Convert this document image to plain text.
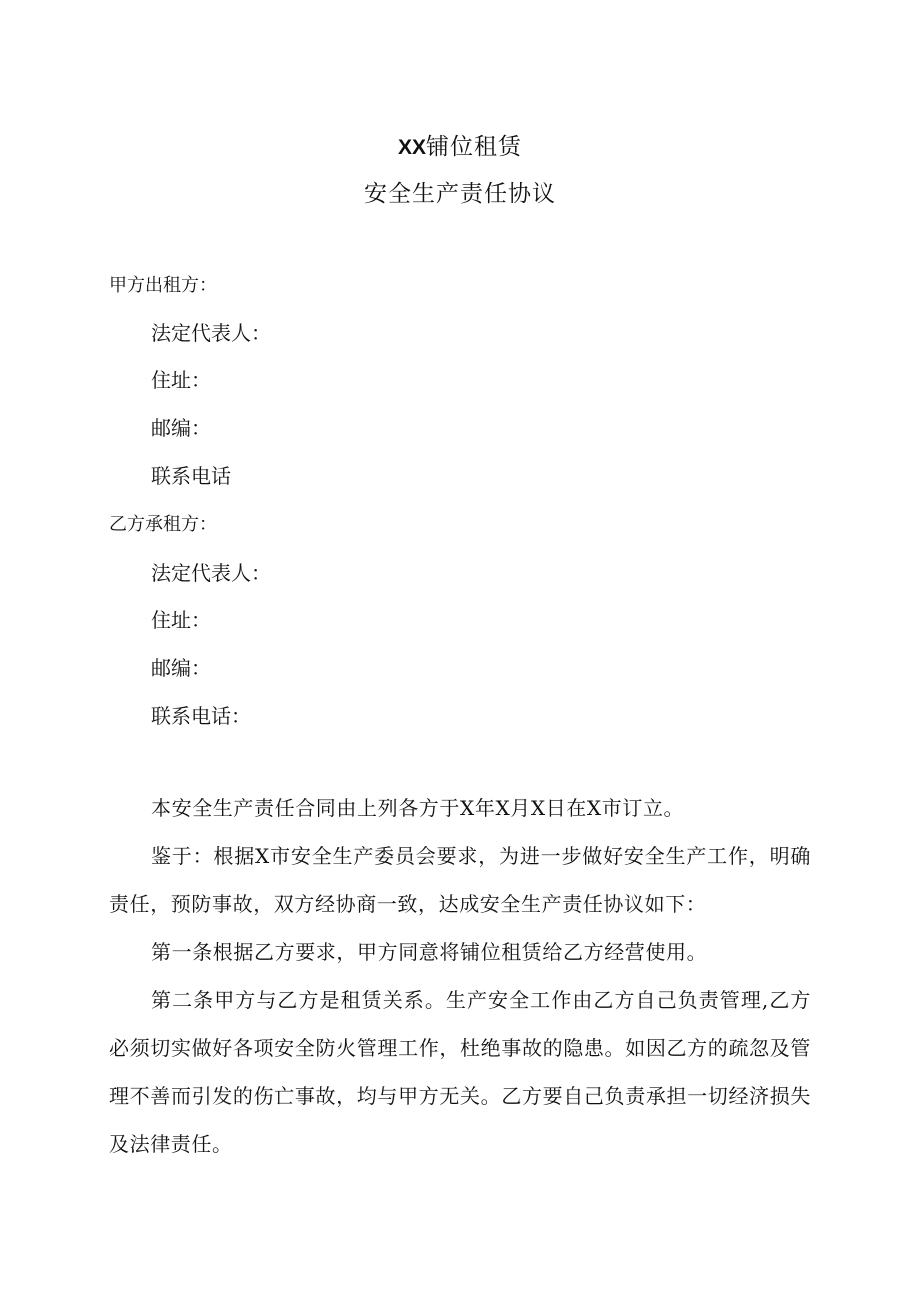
XX铺位租赁
安全生产责任协议
甲方出租方：
法定代表人：
住址：
邮编：
联系电话
乙方承租方：
法定代表人：
住址：
邮编：
联系电话：
本安全生产责任合同由上列各方于X年X月X日在X市订立。
鉴于：根据X市安全生产委员会要求，为进一步做好安全生产工作，明确责任，预防事故，双方经协商一致，达成安全生产责任协议如下：
第一条根据乙方要求，甲方同意将铺位租赁给乙方经营使用。
第二条甲方与乙方是租赁关系。生产安全工作由乙方自己负责管理,乙方必须切实做好各项安全防火管理工作，杜绝事故的隐患。如因乙方的疏忽及管理不善而引发的伤亡事故，均与甲方无关。乙方要自己负责承担一切经济损失及法律责任。
